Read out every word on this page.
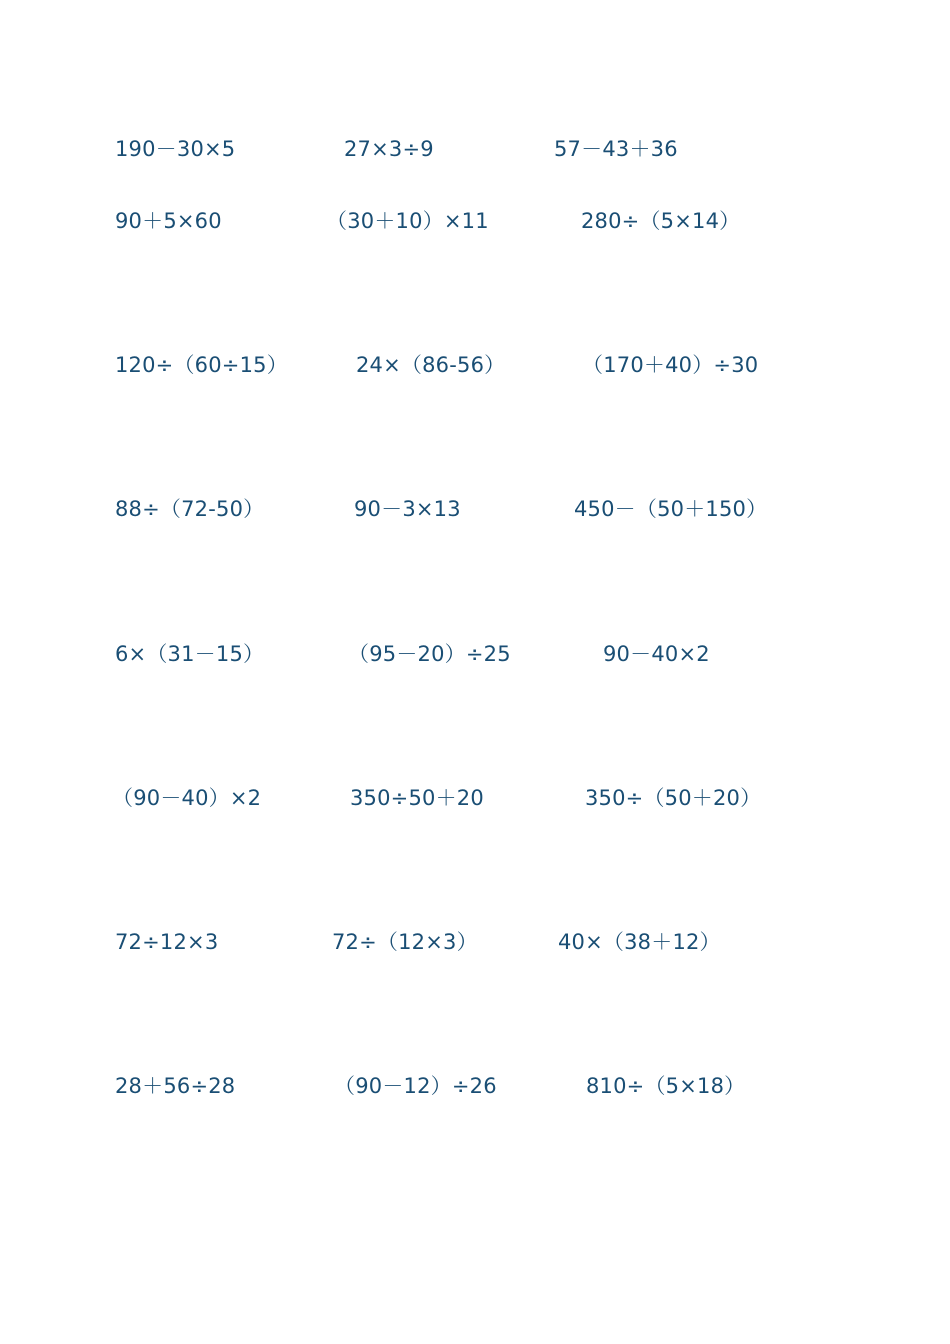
190－30×5	27×3÷9	57－43＋36
90＋5×60	（30＋10）×11	280÷（5×14）
120÷（60÷15）	24×（86-56）	（170＋40）÷30
88÷（72-50）	90－3×13	450－（50＋150）
6×（31－15）	（95－20）÷25	90－40×2
（90－40）×2	350÷50＋20	350÷（50＋20）
72÷12×3	72÷（12×3）	40×（38＋12）
28＋56÷28	（90－12）÷26	810÷（5×18）
